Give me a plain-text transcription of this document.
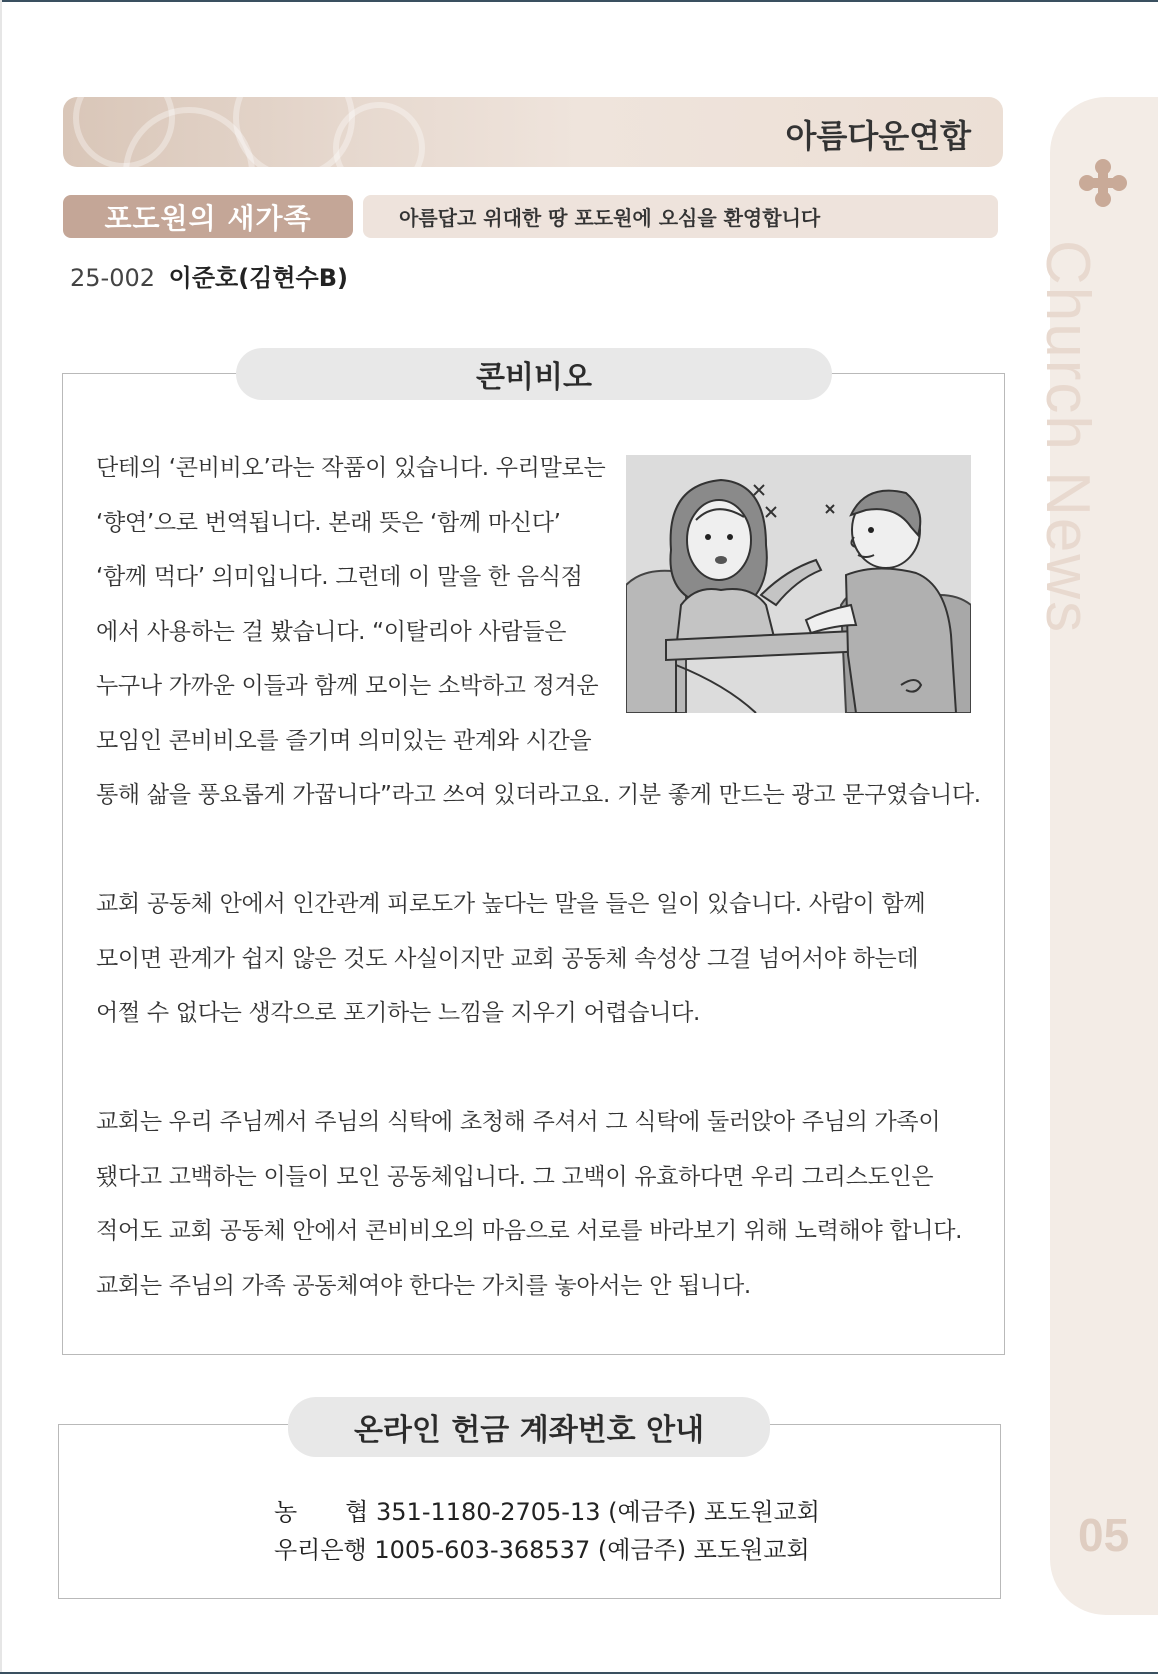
아름다운연합
포도원의 새가족	아름답고 위대한 땅 포도원에 오심을 환영합니다
25-002 이준호(김현수B)
콘비비오
단테의 ‘콘비비오’라는 작품이 있습니다. 우리말로는
‘향연’으로 번역됩니다. 본래 뜻은 ‘함께 마신다’
‘함께 먹다’ 의미입니다. 그런데 이 말을 한 음식점
에서 사용하는 걸 봤습니다. “이탈리아 사람들은
누구나 가까운 이들과 함께 모이는 소박하고 정겨운
모임인 콘비비오를 즐기며 의미있는 관계와 시간을
통해 삶을 풍요롭게 가꿉니다”라고 쓰여 있더라고요. 기분 좋게 만드는 광고 문구였습니다.
교회 공동체 안에서 인간관계 피로도가 높다는 말을 들은 일이 있습니다. 사람이 함께
모이면 관계가 쉽지 않은 것도 사실이지만 교회 공동체 속성상 그걸 넘어서야 하는데
어쩔 수 없다는 생각으로 포기하는 느낌을 지우기 어렵습니다.
교회는 우리 주님께서 주님의 식탁에 초청해 주셔서 그 식탁에 둘러앉아 주님의 가족이
됐다고 고백하는 이들이 모인 공동체입니다. 그 고백이 유효하다면 우리 그리스도인은
적어도 교회 공동체 안에서 콘비비오의 마음으로 서로를 바라보기 위해 노력해야 합니다.
교회는 주님의 가족 공동체여야 한다는 가치를 놓아서는 안 됩니다.
온라인 헌금 계좌번호 안내
농　　협 351-1180-2705-13 (예금주) 포도원교회
우리은행 1005-603-368537 (예금주) 포도원교회
Church News
05
